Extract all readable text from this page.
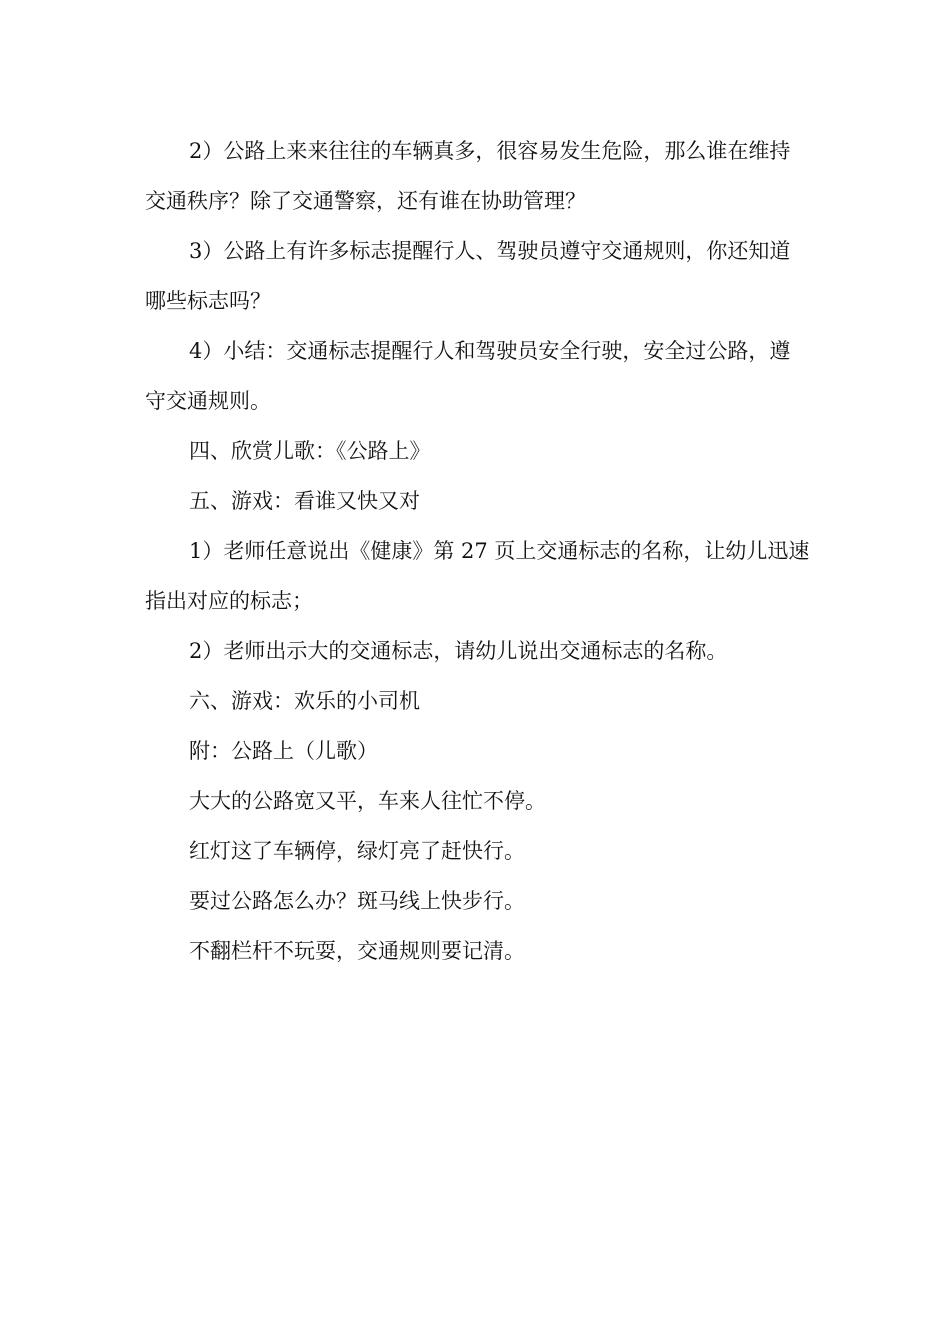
2）公路上来来往往的车辆真多，很容易发生危险，那么谁在维持交通秩序？除了交通警察，还有谁在协助管理？

3）公路上有许多标志提醒行人、驾驶员遵守交通规则，你还知道哪些标志吗？

4）小结：交通标志提醒行人和驾驶员安全行驶，安全过公路，遵守交通规则。

四、欣赏儿歌：《公路上》

五、游戏：看谁又快又对

1）老师任意说出《健康》第 27 页上交通标志的名称，让幼儿迅速指出对应的标志；

2）老师出示大的交通标志，请幼儿说出交通标志的名称。

六、游戏：欢乐的小司机

附：公路上（儿歌）

大大的公路宽又平，车来人往忙不停。

红灯这了车辆停，绿灯亮了赶快行。

要过公路怎么办？斑马线上快步行。

不翻栏杆不玩耍，交通规则要记清。
